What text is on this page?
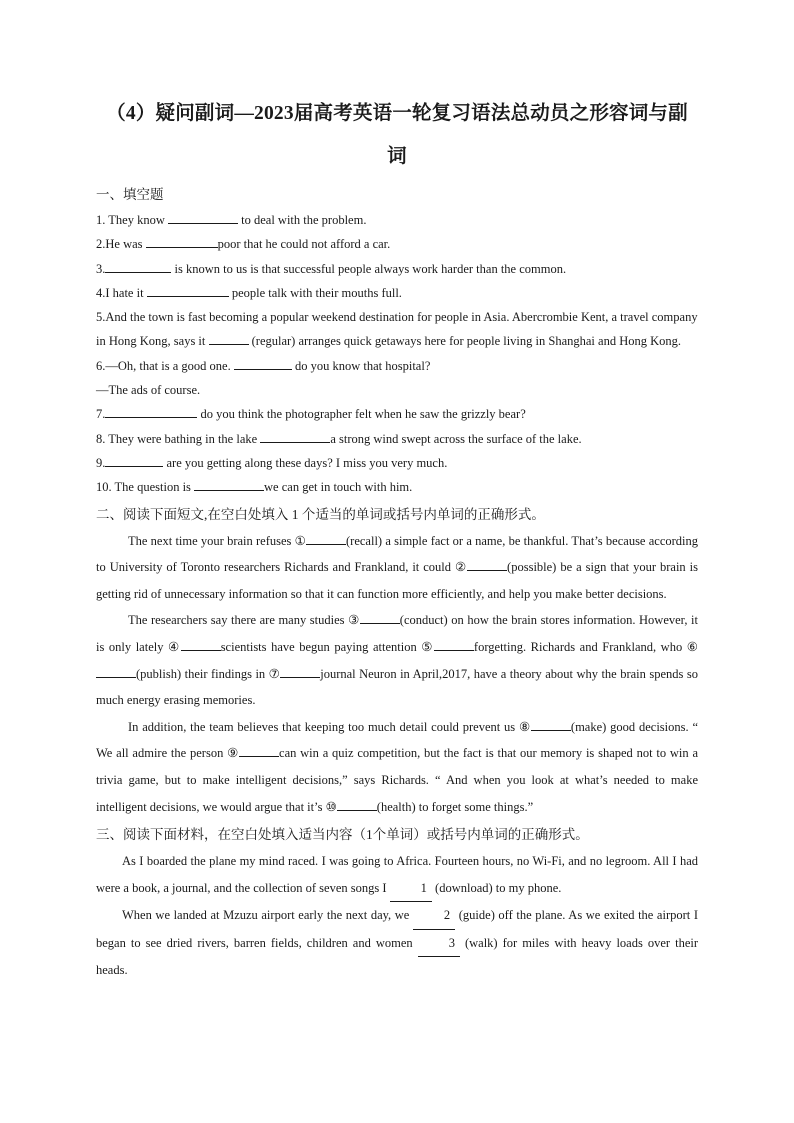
（4）疑问副词—2023届高考英语一轮复习语法总动员之形容词与副
词
一、填空题

1. They know	to deal with the problem.

2.He was	poor that he could not afford a car.

3.	is known to us is that successful people always work harder than the common.

4.I hate it	people talk with their mouths full.

5.And the town is fast becoming a popular weekend destination for people in Asia. Abercrombie Kent, a travel company in Hong Kong, says it	(regular) arranges quick getaways here for people living in Shanghai and Hong Kong.

6.—Oh, that is a good one.	do you know that hospital?

—The ads of course.

7.	do you think the photographer felt when he saw the grizzly bear?

8. They were bathing in the lake	a strong wind swept across the surface of the lake.

9.	are you getting along these days? I miss you very much.

10. The question is	we can get in touch with him.

二、阅读下面短文,在空白处填入 1 个适当的单词或括号内单词的正确形式。

The next time your brain refuses ①	(recall) a simple fact or a name, be thankful. That’s because according to University of Toronto researchers Richards and Frankland, it could ②	(possible) be a sign that your brain is getting rid of unnecessary information so that it can function more efficiently, and help you make better decisions.

The researchers say there are many studies ③	(conduct) on how the brain stores information. However, it is only lately ④	scientists have begun paying attention ⑤	forgetting. Richards and Frankland, who ⑥(publish) their findings in ⑦	journal Neuron in April,2017, have a theory about why the brain spends so much energy erasing memories.

In addition, the team believes that keeping too much detail could prevent us ⑧	(make) good decisions. “ We all admire the person ⑨	can win a quiz competition, but the fact is that our memory is shaped not to win a trivia game, but to make intelligent decisions,” says Richards. “ And when you look at what’s needed to make intelligent decisions, we would argue that it’s ⑩	(health) to forget some things.”

三、阅读下面材料，在空白处填入适当内容（1个单词）或括号内单词的正确形式。

As I boarded the plane my mind raced. I was going to Africa. Fourteen hours, no Wi-Fi, and no legroom. All I had were a book, a journal, and the collection of seven songs I 1 (download) to my phone.

When we landed at Mzuzu airport early the next day, we 2 (guide) off the plane. As we exited the airport I began to see dried rivers, barren fields, children and women 3 (walk) for miles with heavy loads over their heads.
